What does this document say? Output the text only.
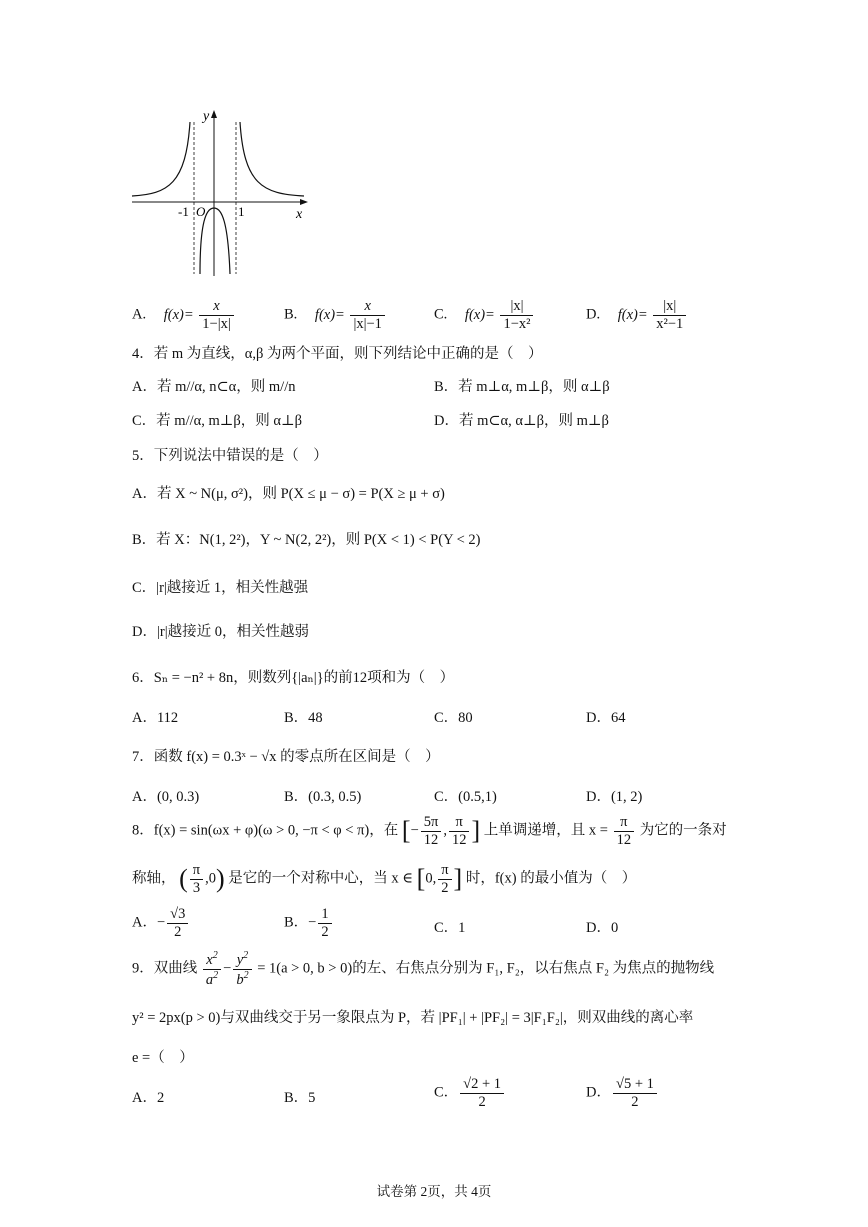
y
x
O
-1	1
A. $f(x)= \frac{x}{1-|x|}$	B. $f(x)= \frac{x}{|x|-1}$	C. $f(x)= \frac{|x|}{\text{1−x²}}$	D. $f(x)= \frac{|x|}{\text{x²−1}}$
4．若 m 为直线，α,β 为两个平面，则下列结论中正确的是（　）
A．若 m//α, n⊂α，则 m//n	B．若 m⊥α, m⊥β，则 α⊥β
C．若 m//α, m⊥β，则 α⊥β	D．若 m⊂α, α⊥β，则 m⊥β
5．下列说法中错误的是（　）
A．若 X ~ N(μ, σ²)，则 P(X ≤ μ − σ) = P(X ≥ μ + σ)
B．若 X：N(1, 2²)，Y ~ N(2, 2²)，则 P(X < 1) < P(Y < 2)
C．|r|越接近 1，相关性越强
D．|r|越接近 0，相关性越弱
6．Sₙ = −n² + 8n，则数列{|aₙ|}的前12项和为（　）
A．112	B．48	C．80	D．64
7．函数 f(x) = 0.3ˣ − √x 的零点所在区间是（　）
A．(0, 0.3)	B．(0.3, 0.5)	C．(0.5,1)	D．(1, 2)
8．f(x) = sin(ωx + φ)(ω > 0, −π < φ < π)，在 [− $\frac{5\pi}{12}$ , $\frac{\pi}{12}$ ] 上单调递增，且 $x = \frac{\pi}{12}$ 为它的一条对
称轴， ( $\frac{\pi}{3} ,0$) 是它的一个对称中心，当 x ∈ [0, $\frac{\pi}{2}$ ] 时，f(x) 的最小值为（　）
A．− $\frac{√3}{2}$	B．− $\frac{1}{2}$	C．1	D．0
9．双曲线 $\frac{x^2}{a^2} - \frac{y^2}{b^2} = 1(a > 0$, b > 0)的左、右焦点分别为 F₁, F₂，以右焦点 F₂ 为焦点的抛物线
y² = 2px(p > 0)与双曲线交于另一象限点为 P，若 |PF₁| + |PF₂| = 3|F₁F₂|，则双曲线的离心率
e =（　）
A．2	B．5	C． $\frac{√2 + 1}{2}$	D． $\frac{√5 + 1}{2}$
试卷第 2页，共 4页
